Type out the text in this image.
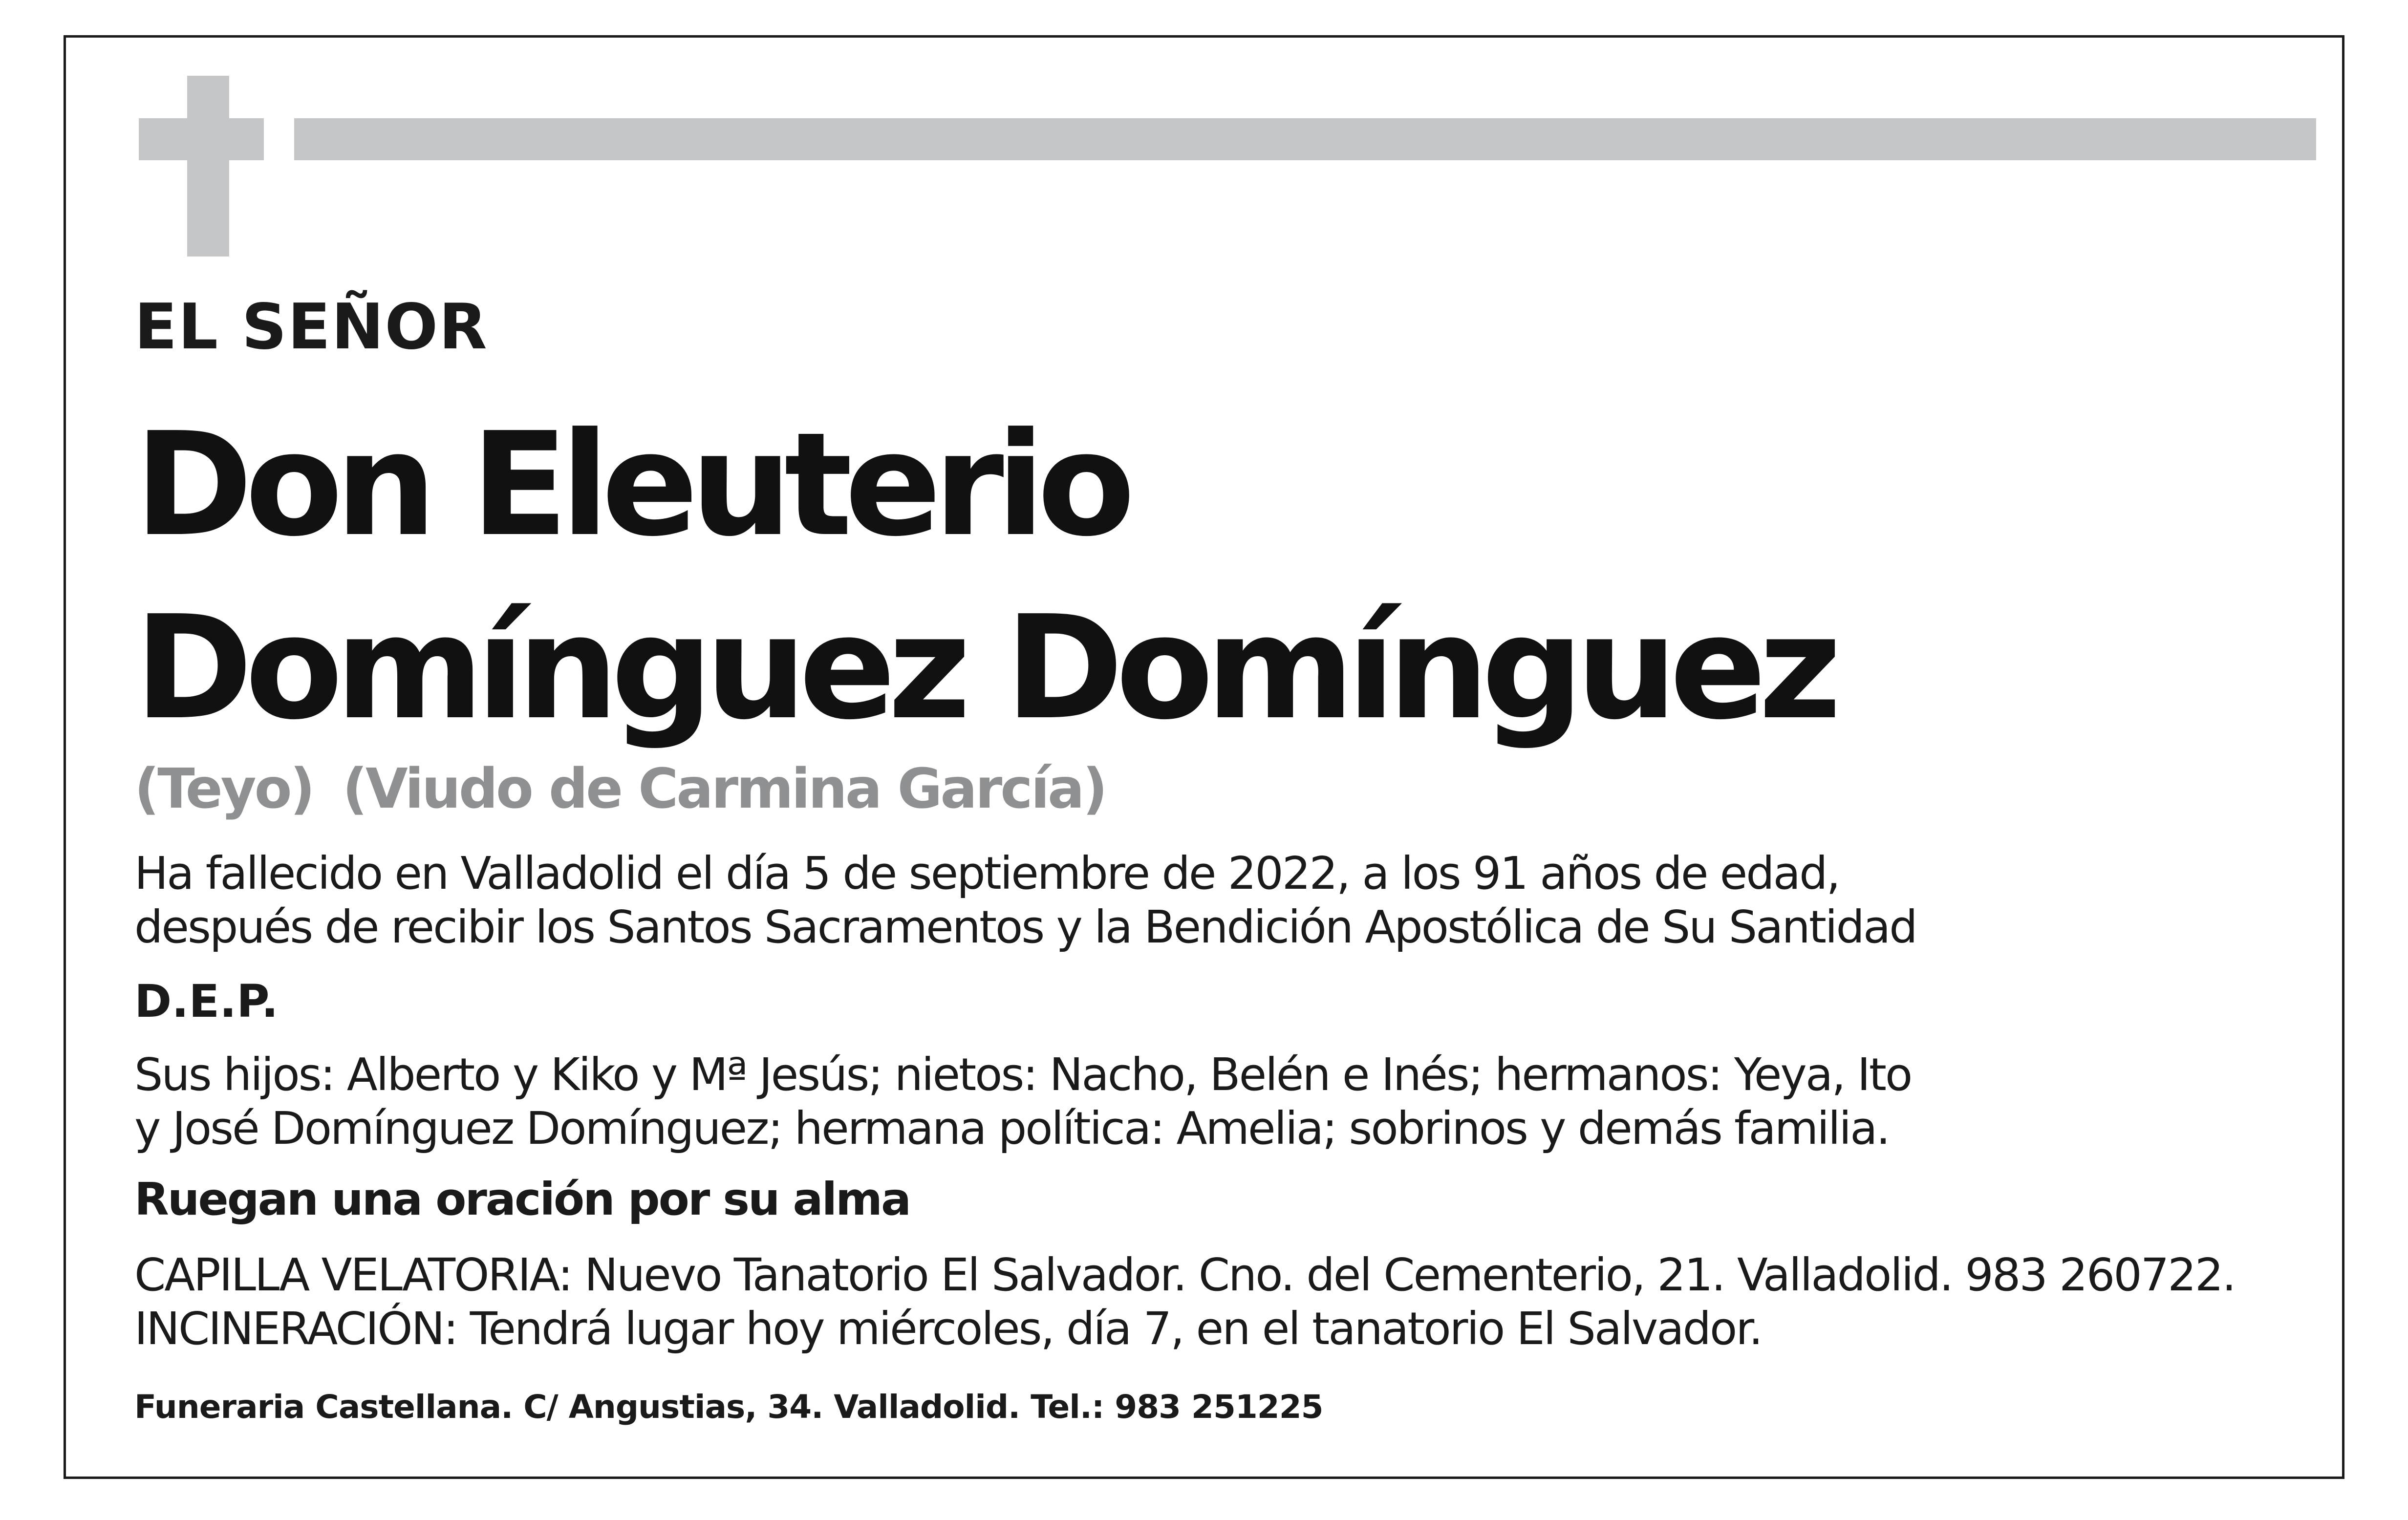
EL SEÑOR

Don Eleuterio

Domínguez Domínguez

(Teyo) (Viudo de Carmina García)

Ha fallecido en Valladolid el día 5 de septiembre de 2022, a los 91 años de edad,

después de recibir los Santos Sacramentos y la Bendición Apostólica de Su Santidad

D.E.P.

Sus hijos: Alberto y Kiko y Mª Jesús; nietos: Nacho, Belén e Inés; hermanos: Yeya, Ito

y José Domínguez Domínguez; hermana política: Amelia; sobrinos y demás familia.

Ruegan una oración por su alma

CAPILLA VELATORIA: Nuevo Tanatorio El Salvador. Cno. del Cementerio, 21. Valladolid. 983 260722.

INCINERACIÓN: Tendrá lugar hoy miércoles, día 7, en el tanatorio El Salvador.

Funeraria Castellana. C/ Angustias, 34. Valladolid. Tel.: 983 251225
